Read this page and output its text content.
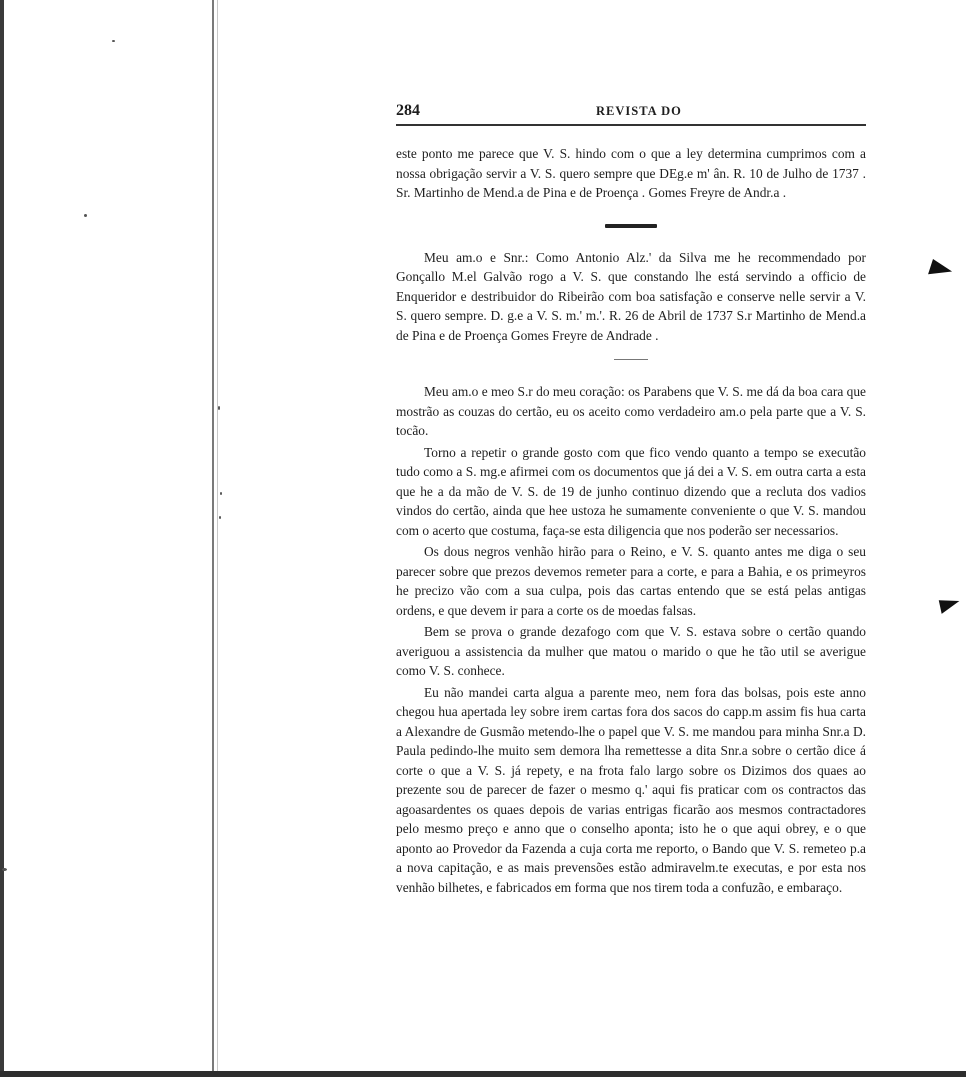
284	REVISTA DO

este ponto me parece que V. S. hindo com o que a ley determina cumprimos com a nossa obrigação servir a V. S. quero sempre que DEg.e m' ân. R. 10 de Julho de 1737 . Sr. Martinho de Mend.a de Pina e de Proença . Gomes Freyre de Andr.a .

Meu am.o e Snr.: Como Antonio Alz.' da Silva me he recommendado por Gonçallo M.el Galvão rogo a V. S. que constando lhe está servindo a officio de Enqueridor e destribuidor do Ribeirão com boa satisfação e conserve nelle servir a V. S. quero sempre. D. g.e a V. S. m.' m.'. R. 26 de Abril de 1737 S.r Martinho de Mend.a de Pina e de Proença Gomes Freyre de Andrade .

Meu am.o e meo S.r do meu coração: os Parabens que V. S. me dá da boa cara que mostrão as couzas do certão, eu os aceito como verdadeiro am.o pela parte que a V. S. tocão.

Torno a repetir o grande gosto com que fico vendo quanto a tempo se executão tudo como a S. mg.e afirmei com os documentos que já dei a V. S. em outra carta a esta que he a da mão de V. S. de 19 de junho continuo dizendo que a recluta dos vadios vindos do certão, ainda que hee ustoza he sumamente conveniente o que V. S. mandou com o acerto que costuma, faça-se esta diligencia que nos poderão ser necessarios.

Os dous negros venhão hirão para o Reino, e V. S. quanto antes me diga o seu parecer sobre que prezos devemos remeter para a corte, e para a Bahia, e os primeyros he precizo vão com a sua culpa, pois das cartas entendo que se está pelas antigas ordens, e que devem ir para a corte os de moedas falsas.

Bem se prova o grande dezafogo com que V. S. estava sobre o certão quando averiguou a assistencia da mulher que matou o marido o que he tão util se averigue como V. S. conhece.

Eu não mandei carta algua a parente meo, nem fora das bolsas, pois este anno chegou hua apertada ley sobre irem cartas fora dos sacos do capp.m assim fis hua carta a Alexandre de Gusmão metendo-lhe o papel que V. S. me mandou para minha Snr.a D. Paula pedindo-lhe muito sem demora lha remettesse a dita Snr.a sobre o certão dice á corte o que a V. S. já repety, e na frota falo largo sobre os Dizimos dos quaes ao prezente sou de parecer de fazer o mesmo q.' aqui fis praticar com os contractos das agoasardentes os quaes depois de varias entrigas ficarão aos mesmos contractadores pelo mesmo preço e anno que o conselho aponta; isto he o que aqui obrey, e o que aponto ao Provedor da Fazenda a cuja corta me reporto, o Bando que V. S. remeteo p.a a nova capitação, e as mais prevensões estão admiravelm.te executas, e por esta nos venhão bilhetes, e fabricados em forma que nos tirem toda a confuzão, e embaraço.
